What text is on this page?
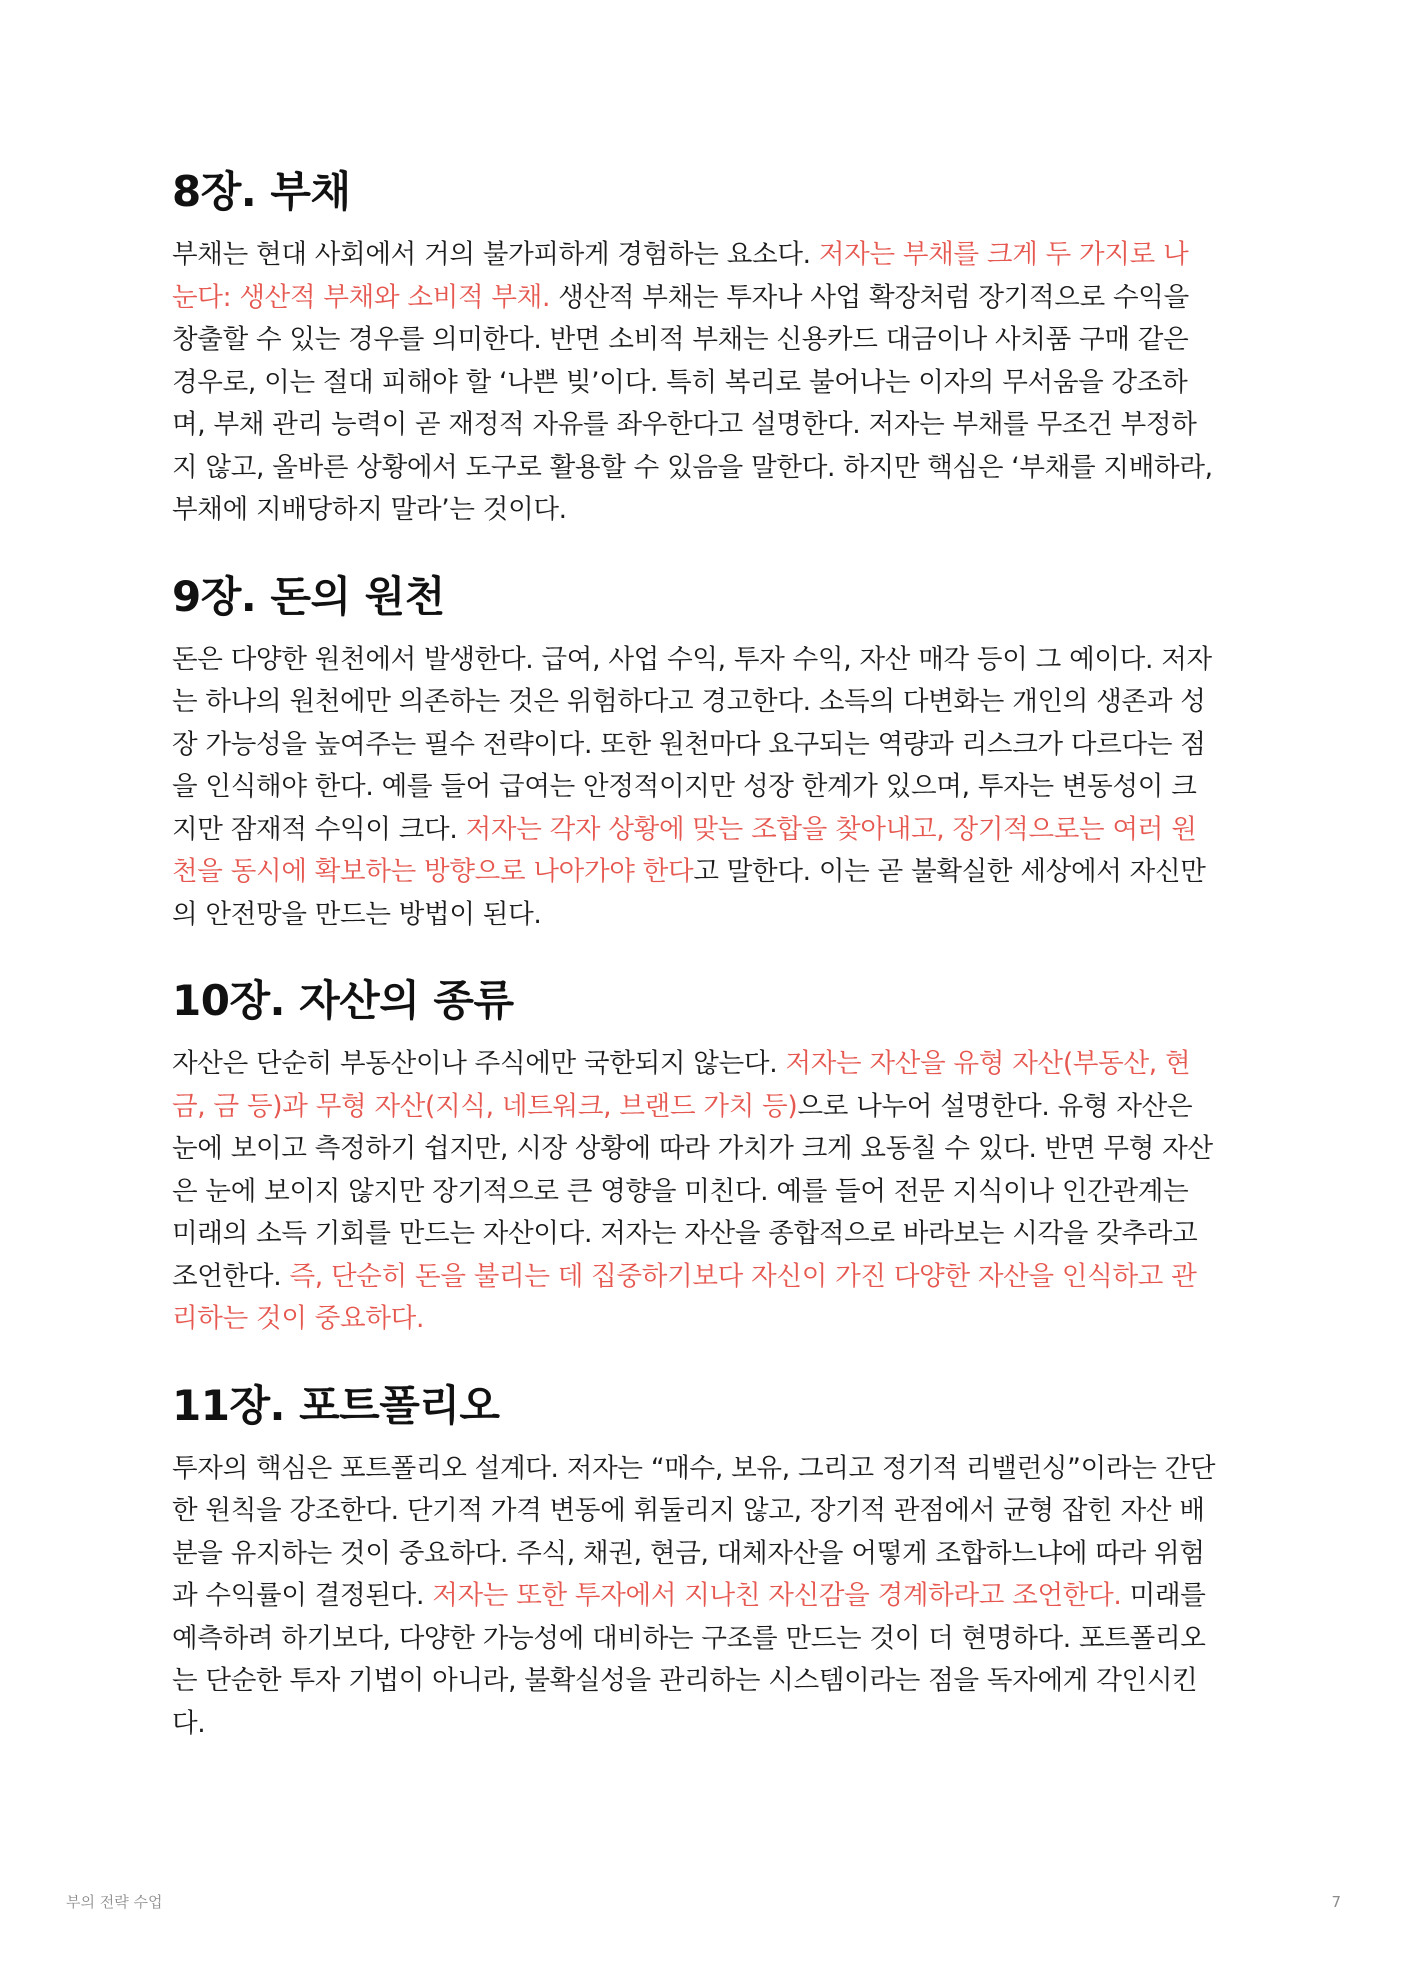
8장. 부채
부채는 현대 사회에서 거의 불가피하게 경험하는 요소다. 저자는 부채를 크게 두 가지로 나
눈다: 생산적 부채와 소비적 부채. 생산적 부채는 투자나 사업 확장처럼 장기적으로 수익을
창출할 수 있는 경우를 의미한다. 반면 소비적 부채는 신용카드 대금이나 사치품 구매 같은
경우로, 이는 절대 피해야 할 ‘나쁜 빚’이다. 특히 복리로 불어나는 이자의 무서움을 강조하
며, 부채 관리 능력이 곧 재정적 자유를 좌우한다고 설명한다. 저자는 부채를 무조건 부정하
지 않고, 올바른 상황에서 도구로 활용할 수 있음을 말한다. 하지만 핵심은 ‘부채를 지배하라,
부채에 지배당하지 말라’는 것이다.
9장. 돈의 원천
돈은 다양한 원천에서 발생한다. 급여, 사업 수익, 투자 수익, 자산 매각 등이 그 예이다. 저자
는 하나의 원천에만 의존하는 것은 위험하다고 경고한다. 소득의 다변화는 개인의 생존과 성
장 가능성을 높여주는 필수 전략이다. 또한 원천마다 요구되는 역량과 리스크가 다르다는 점
을 인식해야 한다. 예를 들어 급여는 안정적이지만 성장 한계가 있으며, 투자는 변동성이 크
지만 잠재적 수익이 크다. 저자는 각자 상황에 맞는 조합을 찾아내고, 장기적으로는 여러 원
천을 동시에 확보하는 방향으로 나아가야 한다고 말한다. 이는 곧 불확실한 세상에서 자신만
의 안전망을 만드는 방법이 된다.
10장. 자산의 종류
자산은 단순히 부동산이나 주식에만 국한되지 않는다. 저자는 자산을 유형 자산(부동산, 현
금, 금 등)과 무형 자산(지식, 네트워크, 브랜드 가치 등)으로 나누어 설명한다. 유형 자산은
눈에 보이고 측정하기 쉽지만, 시장 상황에 따라 가치가 크게 요동칠 수 있다. 반면 무형 자산
은 눈에 보이지 않지만 장기적으로 큰 영향을 미친다. 예를 들어 전문 지식이나 인간관계는
미래의 소득 기회를 만드는 자산이다. 저자는 자산을 종합적으로 바라보는 시각을 갖추라고
조언한다. 즉, 단순히 돈을 불리는 데 집중하기보다 자신이 가진 다양한 자산을 인식하고 관
리하는 것이 중요하다.
11장. 포트폴리오
투자의 핵심은 포트폴리오 설계다. 저자는 “매수, 보유, 그리고 정기적 리밸런싱”이라는 간단
한 원칙을 강조한다. 단기적 가격 변동에 휘둘리지 않고, 장기적 관점에서 균형 잡힌 자산 배
분을 유지하는 것이 중요하다. 주식, 채권, 현금, 대체자산을 어떻게 조합하느냐에 따라 위험
과 수익률이 결정된다. 저자는 또한 투자에서 지나친 자신감을 경계하라고 조언한다. 미래를
예측하려 하기보다, 다양한 가능성에 대비하는 구조를 만드는 것이 더 현명하다. 포트폴리오
는 단순한 투자 기법이 아니라, 불확실성을 관리하는 시스템이라는 점을 독자에게 각인시킨
다.
부의 전략 수업	7
